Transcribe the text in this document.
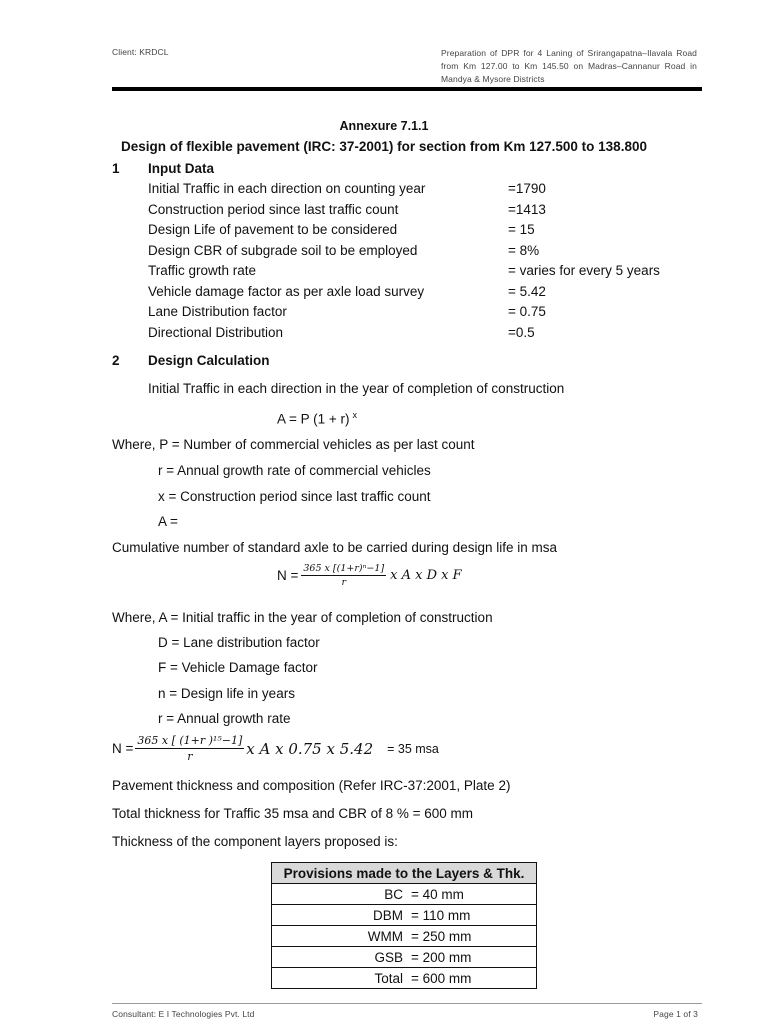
Client: KRDCL	Preparation of DPR for 4 Laning of Srirangapatna–Ilavala Road from Km 127.00 to Km 145.50 on Madras–Cannanur Road in Mandya & Mysore Districts
Annexure 7.1.1
Design of flexible pavement (IRC: 37-2001) for section from Km 127.500 to 138.800
1 Input Data
Initial Traffic in each direction on counting year	=1790
Construction period since last traffic count	=1413
Design Life of pavement to be considered	= 15
Design CBR of subgrade soil to be employed	= 8%
Traffic growth rate	= varies for every 5 years
Vehicle damage factor as per axle load survey	= 5.42
Lane Distribution factor	= 0.75
Directional Distribution	=0.5
2 Design Calculation
Initial Traffic in each direction in the year of completion of construction
A = P (1 + r) $^x$
Where, P = Number of commercial vehicles as per last count
r = Annual growth rate of commercial vehicles
x = Construction period since last traffic count
A =
Cumulative number of standard axle to be carried during design life in msa
$N = \frac{\text{365 x [(1+r)ⁿ−1]}}{r}$ x A x D x F
Where, A = Initial traffic in the year of completion of construction
D = Lane distribution factor
F = Vehicle Damage factor
n = Design life in years
r = Annual growth rate
$N = \frac{\text{365 x [ (1+r )¹⁵−1]}}{r}$ x A x 0.75 x 5.42 = 35 msa
Pavement thickness and composition (Refer IRC-37:2001, Plate 2)
Total thickness for Traffic 35 msa and CBR of 8 % = 600 mm
Thickness of the component layers proposed is:
Provisions made to the Layers & Thk.	
BC	= 40 mm
DBM	= 110 mm
WMM	= 250 mm
GSB	= 200 mm
Total	= 600 mm
Consultant: E I Technologies Pvt. Ltd	Page 1 of 3
